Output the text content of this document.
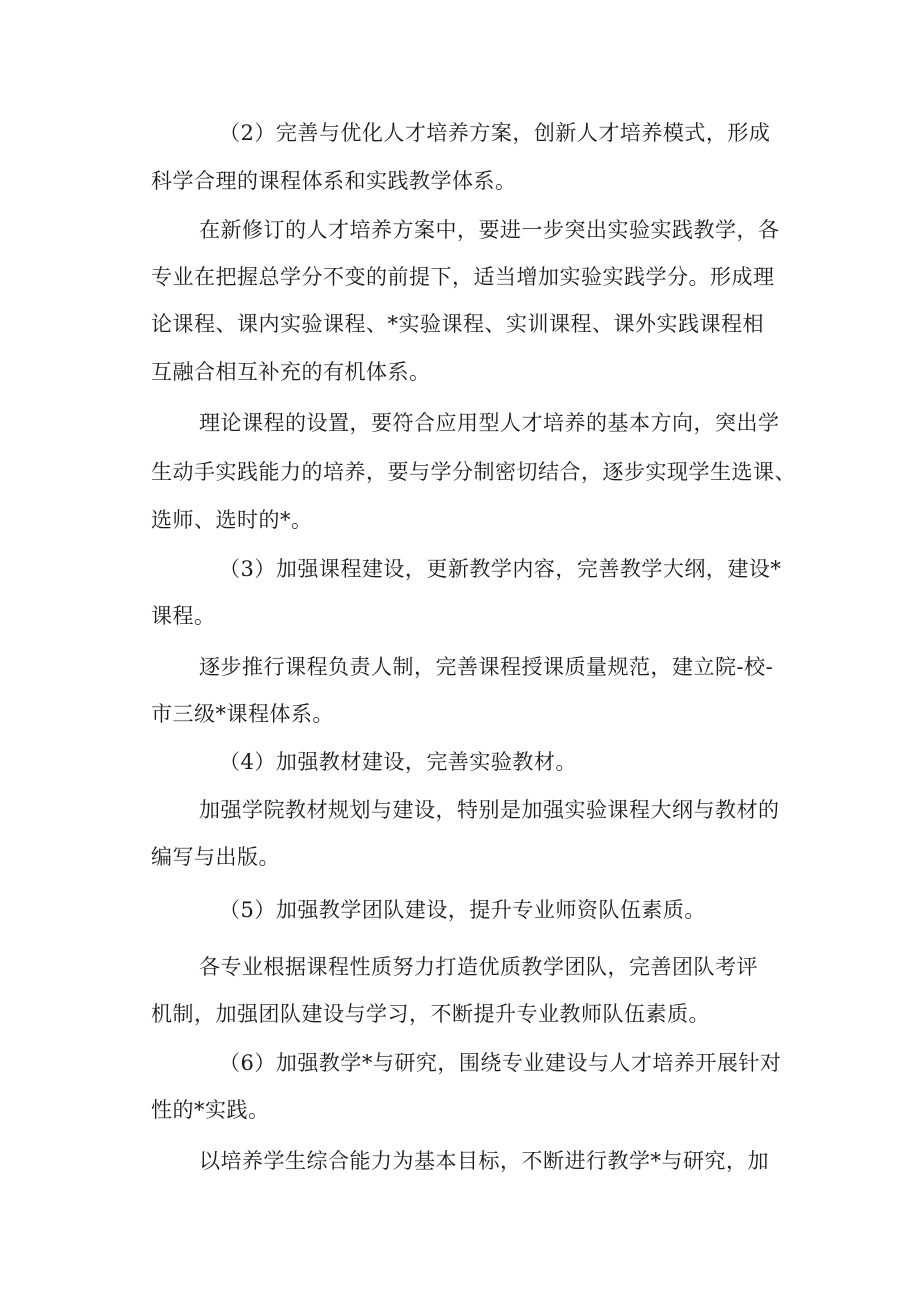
（2）完善与优化人才培养方案，创新人才培养模式，形成
科学合理的课程体系和实践教学体系。
在新修订的人才培养方案中，要进一步突出实验实践教学，各
专业在把握总学分不变的前提下，适当增加实验实践学分。形成理
论课程、课内实验课程、*实验课程、实训课程、课外实践课程相
互融合相互补充的有机体系。
理论课程的设置，要符合应用型人才培养的基本方向，突出学
生动手实践能力的培养，要与学分制密切结合，逐步实现学生选课、
选师、选时的*。
（3）加强课程建设，更新教学内容，完善教学大纲，建设*
课程。
逐步推行课程负责人制，完善课程授课质量规范，建立院-校-
市三级*课程体系。
（4）加强教材建设，完善实验教材。
加强学院教材规划与建设，特别是加强实验课程大纲与教材的
编写与出版。
（5）加强教学团队建设，提升专业师资队伍素质。
各专业根据课程性质努力打造优质教学团队，完善团队考评
机制，加强团队建设与学习，不断提升专业教师队伍素质。
（6）加强教学*与研究，围绕专业建设与人才培养开展针对
性的*实践。
以培养学生综合能力为基本目标，不断进行教学*与研究，加
